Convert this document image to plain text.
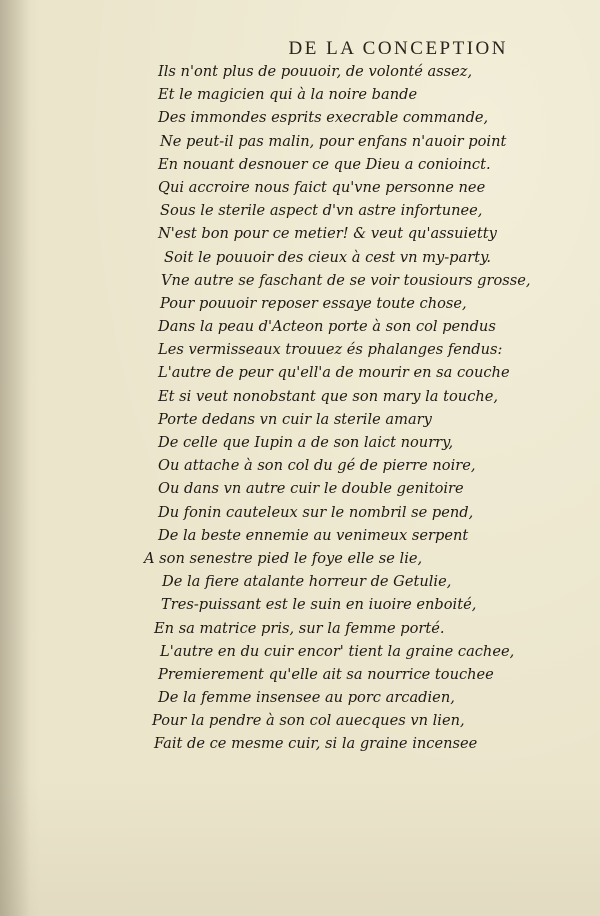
DE LA CONCEPTION
Ils n'ont plus de pouuoir, de volonté assez,
Et le magicien qui à la noire bande
Des immondes esprits execrable commande,
Ne peut-il pas malin, pour enfans n'auoir point
En nouant desnouer ce que Dieu a conioinct.
Qui accroire nous faict qu'vne personne nee
Sous le sterile aspect d'vn astre infortunee,
N'est bon pour ce metier! & veut qu'assuietty
Soit le pouuoir des cieux à cest vn my-party.
Vne autre se faschant de se voir tousiours grosse,
Pour pouuoir reposer essaye toute chose,
Dans la peau d'Acteon porte à son col pendus
Les vermisseaux trouuez és phalanges fendus:
L'autre de peur qu'ell'a de mourir en sa couche
Et si veut nonobstant que son mary la touche,
Porte dedans vn cuir la sterile amary
De celle que Iupin a de son laict nourry,
Ou attache à son col du gé de pierre noire,
Ou dans vn autre cuir le double genitoire
Du fonin cauteleux sur le nombril se pend,
De la beste ennemie au venimeux serpent
A son senestre pied le foye elle se lie,
De la fiere atalante horreur de Getulie,
Tres-puissant est le suin en iuoire enboité,
En sa matrice pris, sur la femme porté.
L'autre en du cuir encor' tient la graine cachee,
Premierement qu'elle ait sa nourrice touchee
De la femme insensee au porc arcadien,
Pour la pendre à son col auecques vn lien,
Fait de ce mesme cuir, si la graine incensee
